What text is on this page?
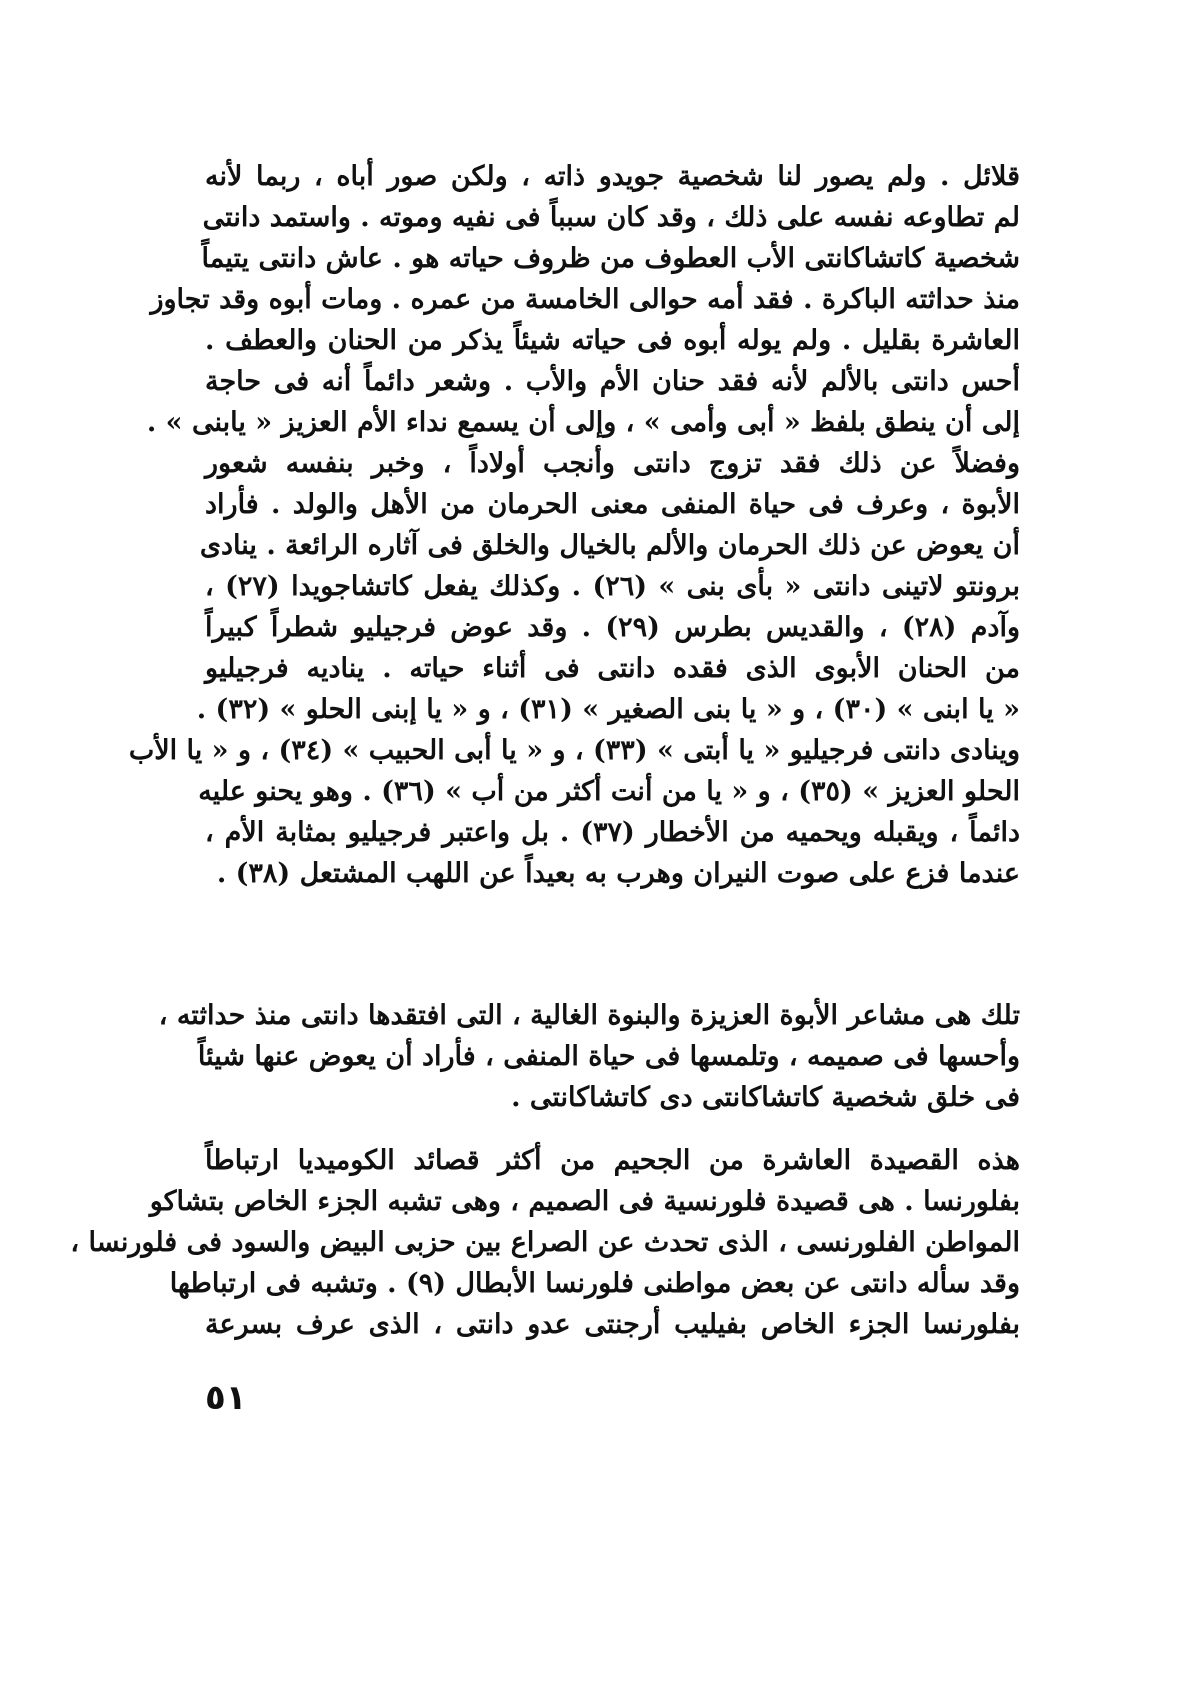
قلائل . ولم يصور لنا شخصية جويدو ذاته ، ولكن صور أباه ، ربما لأنه
لم تطاوعه نفسه على ذلك ، وقد كان سبباً فى نفيه وموته . واستمد دانتى
شخصية كاتشاكانتى الأب العطوف من ظروف حياته هو . عاش دانتى يتيماً
منذ حداثته الباكرة . فقد أمه حوالى الخامسة من عمره . ومات أبوه وقد تجاوز
العاشرة بقليل . ولم يوله أبوه فى حياته شيئاً يذكر من الحنان والعطف .
أحس دانتى بالألم لأنه فقد حنان الأم والأب . وشعر دائماً أنه فى حاجة
إلى أن ينطق بلفظ « أبى وأمى » ، وإلى أن يسمع نداء الأم العزيز « يابنى » .
وفضلاً عن ذلك فقد تزوج دانتى وأنجب أولاداً ، وخبر بنفسه شعور
الأبوة ، وعرف فى حياة المنفى معنى الحرمان من الأهل والولد . فأراد
أن يعوض عن ذلك الحرمان والألم بالخيال والخلق فى آثاره الرائعة . ينادى
برونتو لاتينى دانتى « بأى بنى » (٢٦) . وكذلك يفعل كاتشاجويدا (٢٧) ،
وآدم (٢٨) ، والقديس بطرس (٢٩) . وقد عوض فرجيليو شطراً كبيراً
من الحنان الأبوى الذى فقده دانتى فى أثناء حياته . يناديه فرجيليو
« يا ابنى » (٣٠) ، و « يا بنى الصغير » (٣١) ، و « يا إبنى الحلو » (٣٢) .
وينادى دانتى فرجيليو « يا أبتى » (٣٣) ، و « يا أبى الحبيب » (٣٤) ، و « يا الأب
الحلو العزيز » (٣٥) ، و « يا من أنت أكثر من أب » (٣٦) . وهو يحنو عليه
دائماً ، ويقبله ويحميه من الأخطار (٣٧) . بل واعتبر فرجيليو بمثابة الأم ،
عندما فزع على صوت النيران وهرب به بعيداً عن اللهب المشتعل (٣٨) .
تلك هى مشاعر الأبوة العزيزة والبنوة الغالية ، التى افتقدها دانتى منذ حداثته ،
وأحسها فى صميمه ، وتلمسها فى حياة المنفى ، فأراد أن يعوض عنها شيئاً
فى خلق شخصية كاتشاكانتى دى كاتشاكانتى .
هذه القصيدة العاشرة من الجحيم من أكثر قصائد الكوميديا ارتباطاً
بفلورنسا . هى قصيدة فلورنسية فى الصميم ، وهى تشبه الجزء الخاص بتشاكو
المواطن الفلورنسى ، الذى تحدث عن الصراع بين حزبى البيض والسود فى فلورنسا ،
وقد سأله دانتى عن بعض مواطنى فلورنسا الأبطال (٩) . وتشبه فى ارتباطها
بفلورنسا الجزء الخاص بفيليب أرجنتى عدو دانتى ، الذى عرف بسرعة
٥١
